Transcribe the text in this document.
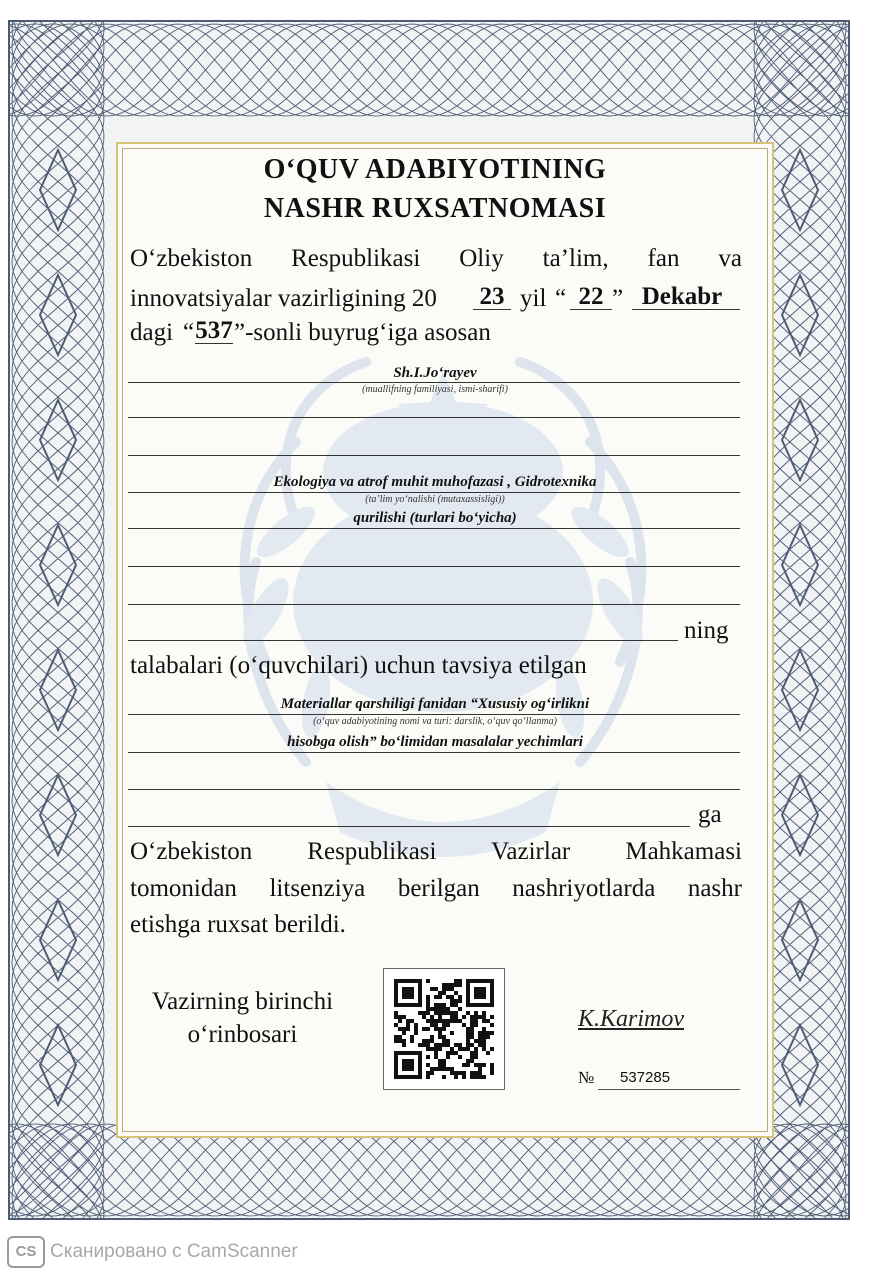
O‘QUV ADABIYOTINING
NASHR RUXSATNOMASI
O‘zbekiston Respublikasi Oliy ta’lim, fan va
innovatsiyalar vazirligining 20 23 yil “ 22 ” Dekabr
dagi “ 537 ”-sonli buyrug‘iga asosan
Sh.I.Jo‘rayev
(muallifning familiyasi, ismi-sharifi)
Ekologiya va atrof muhit muhofazasi , Gidrotexnika
(ta’lim yo‘nalishi (mutaxassisligi))
qurilishi (turlari bo‘yicha)
ning
talabalari (o‘quvchilari) uchun tavsiya etilgan
Materiallar qarshiligi fanidan “Xususiy og‘irlikni
(o‘quv adabiyotining nomi va turi: darslik, o‘quv qo‘llanma)
hisobga olish” bo‘limidan masalalar yechimlari
ga
O‘zbekiston Respublikasi Vazirlar Mahkamasi
tomonidan litsenziya berilgan nashriyotlarda nashr
etishga ruxsat berildi.
Vazirning birinchi
o‘rinbosari
K.Karimov
№ 537285
CS Сканировано с CamScanner
